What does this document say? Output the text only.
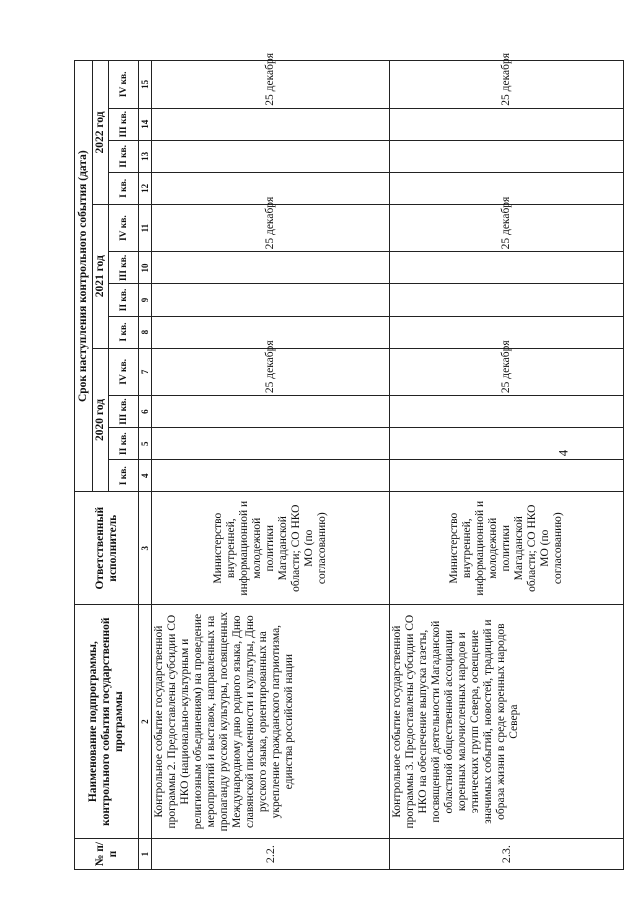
4
№ п/п	Наименование подпрограммы, контрольного события государственной программы	Ответственный исполнитель	Срок наступления контрольного события (дата)											
			2020 год				2021 год				2022 год			
			I кв.	II кв.	III кв.	IV кв.	I кв.	II кв.	III кв.	IV кв.	I кв.	II кв.	III кв.	IV кв.
1	2	3	4	5	6	7	8	9	10	11	12	13	14	15
2.2.	Контрольное событие государственной программы 2. Предоставлены субсидии СО НКО (национально-культурным и религиозным объединениям) на проведение мероприятий и выставок, направленных на пропаганду русской культуры, посвященных Международному дню родного языка, Дню славянской письменности и культуры, Дню русского языка, ориентированных на укрепление гражданского патриотизма, единства российской нации	Министерство внутренней, информационной и молодежной политики Магаданской области; СО НКО МО (по согласованию)				25 декабря				25 декабря				25 декабря
2.3.	Контрольное событие государственной программы 3. Предоставлены субсидии СО НКО на обеспечение выпуска газеты, посвященной деятельности Магаданской областной общественной ассоциации коренных малочисленных народов и этнических групп Севера, освещение значимых событий, новостей, традиций и образа жизни в среде коренных народов Севера	Министерство внутренней, информационной и молодежной политики Магаданской области; СО НКО МО (по согласованию)				25 декабря				25 декабря				25 декабря
